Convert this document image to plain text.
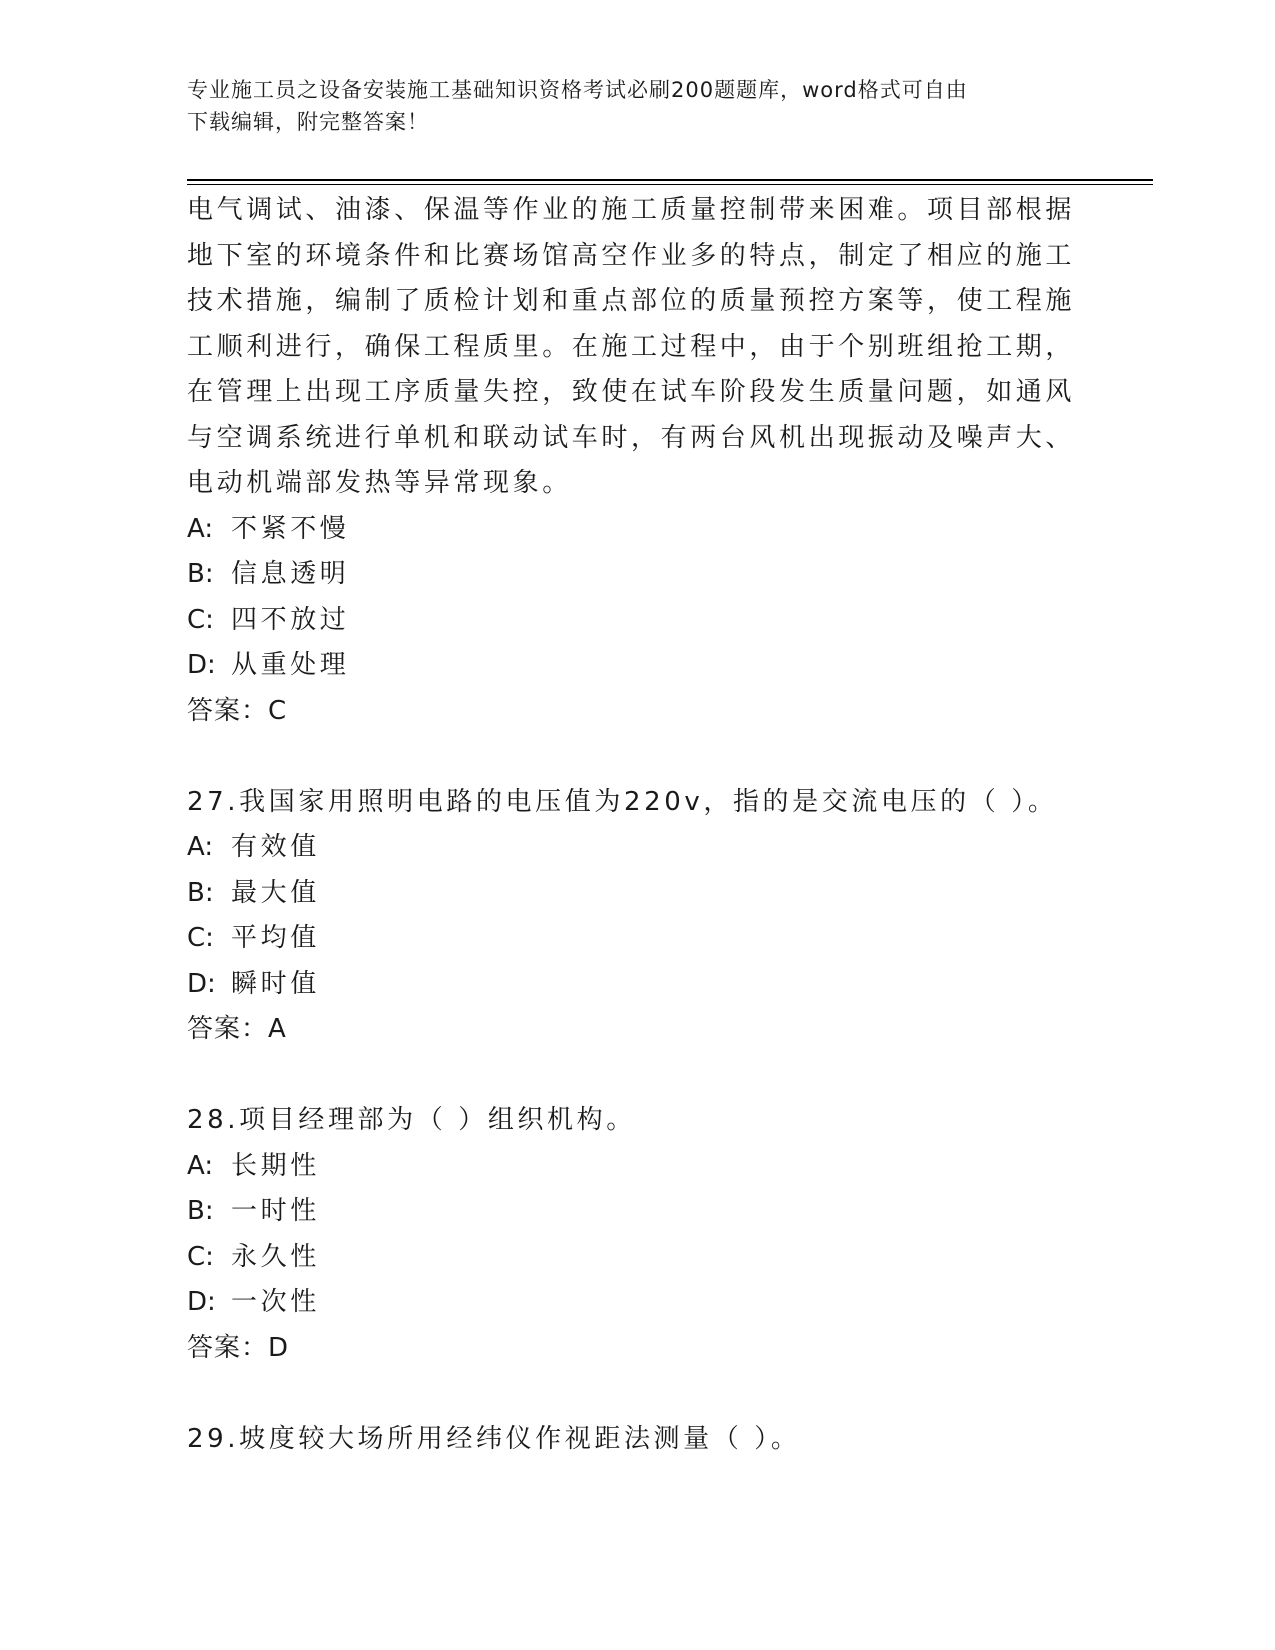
专业施工员之设备安装施工基础知识资格考试必刷200题题库，word格式可自由
下载编辑，附完整答案！
电气调试、油漆、保温等作业的施工质量控制带来困难。项目部根据
地下室的环境条件和比赛场馆高空作业多的特点，制定了相应的施工
技术措施，编制了质检计划和重点部位的质量预控方案等，使工程施
工顺利进行，确保工程质里。在施工过程中，由于个别班组抢工期，
在管理上出现工序质量失控，致使在试车阶段发生质量问题，如通风
与空调系统进行单机和联动试车时，有两台风机出现振动及噪声大、
电动机端部发热等异常现象。
A: 不紧不慢
B: 信息透明
C: 四不放过
D: 从重处理
答案：C
27.我国家用照明电路的电压值为220v，指的是交流电压的（ ）。
A: 有效值
B: 最大值
C: 平均值
D: 瞬时值
答案：A
28.项目经理部为（ ）组织机构。
A: 长期性
B: 一时性
C: 永久性
D: 一次性
答案：D
29.坡度较大场所用经纬仪作视距法测量（ ）。
